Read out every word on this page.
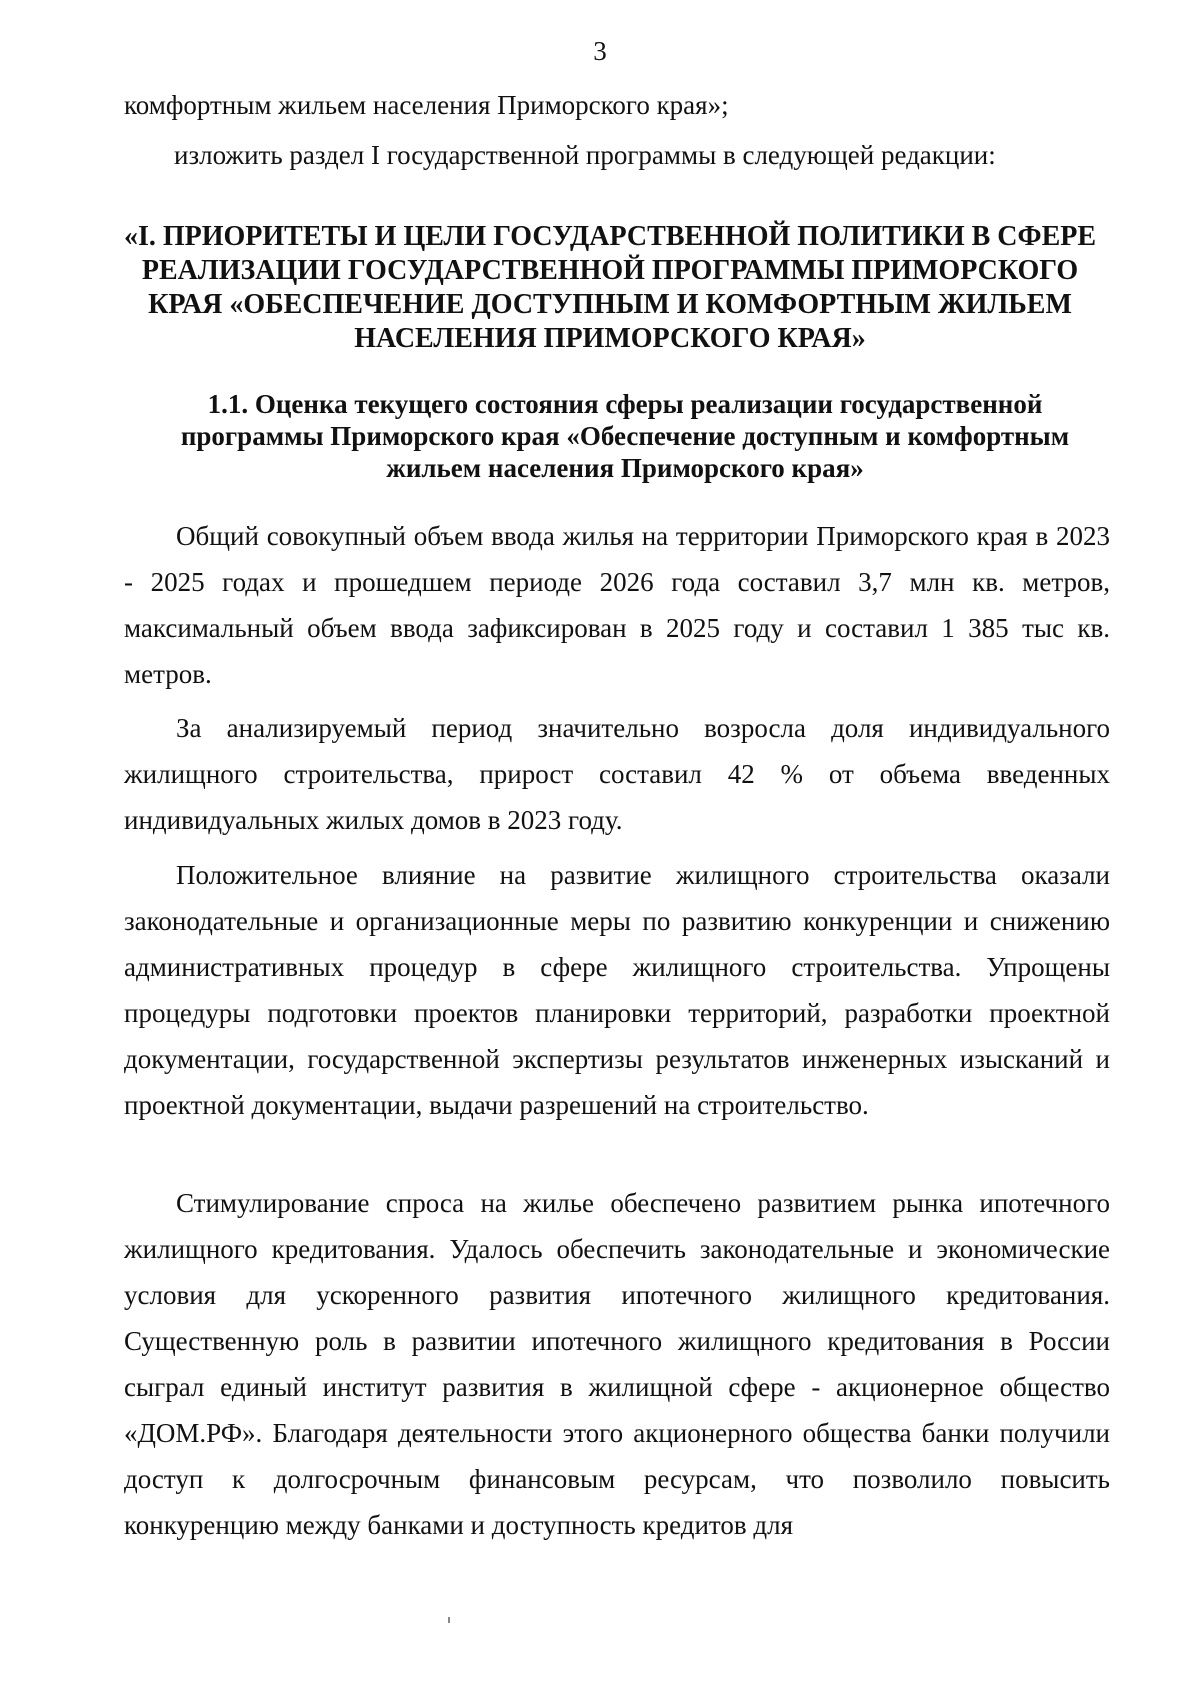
3
комфортным жильем населения Приморского края»;
изложить раздел I государственной программы в следующей редакции:
«I. ПРИОРИТЕТЫ И ЦЕЛИ ГОСУДАРСТВЕННОЙ ПОЛИТИКИ В СФЕРЕ РЕАЛИЗАЦИИ ГОСУДАРСТВЕННОЙ ПРОГРАММЫ ПРИМОРСКОГО КРАЯ «ОБЕСПЕЧЕНИЕ ДОСТУПНЫМ И КОМФОРТНЫМ ЖИЛЬЕМ НАСЕЛЕНИЯ ПРИМОРСКОГО КРАЯ»
1.1. Оценка текущего состояния сферы реализации государственной программы Приморского края «Обеспечение доступным и комфортным жильем населения Приморского края»

Общий совокупный объем ввода жилья на территории Приморского края в 2023 - 2025 годах и прошедшем периоде 2026 года составил 3,7 млн кв. метров, максимальный объем ввода зафиксирован в 2025 году и составил 1 385 тыс кв. метров.

За анализируемый период значительно возросла доля индивидуального жилищного строительства, прирост составил 42 % от объема введенных индивидуальных жилых домов в 2023 году.

Положительное влияние на развитие жилищного строительства оказали законодательные и организационные меры по развитию конкуренции и снижению административных процедур в сфере жилищного строительства. Упрощены процедуры подготовки проектов планировки территорий, разработки проектной документации, государственной экспертизы результатов инженерных изысканий и проектной документации, выдачи разрешений на строительство.

Стимулирование спроса на жилье обеспечено развитием рынка ипотечного жилищного кредитования. Удалось обеспечить законодательные и экономические условия для ускоренного развития ипотечного жилищного кредитования. Существенную роль в развитии ипотечного жилищного кредитования в России сыграл единый институт развития в жилищной сфере - акционерное общество «ДОМ.РФ». Благодаря деятельности этого акционерного общества банки получили доступ к долгосрочным финансовым ресурсам, что позволило повысить конкуренцию между банками и доступность кредитов для
